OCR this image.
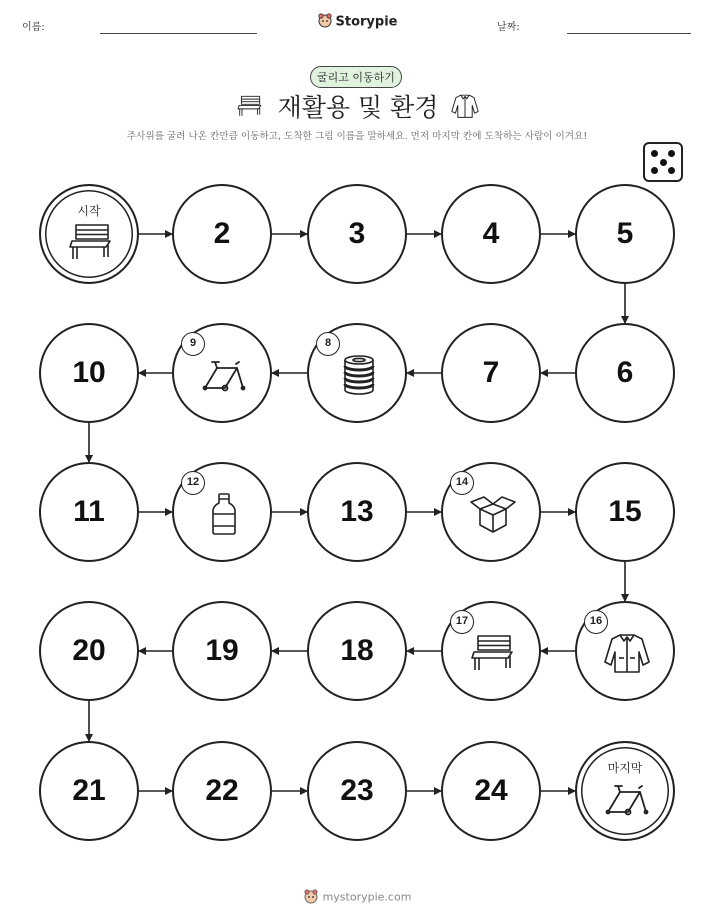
이름:	날짜:
Storypie
굴리고 이동하기
재활용 및 환경
주사위를 굴려 나온 칸만큼 이동하고, 도착한 그림 이름을 말하세요. 먼저 마지막 칸에 도착하는 사람이 이겨요!
시작
2	3	4	5
6
7
8
9
10
11
12
13
14
15
16
17
18
19
20
21	22	23	24
마지막
mystorypie.com
